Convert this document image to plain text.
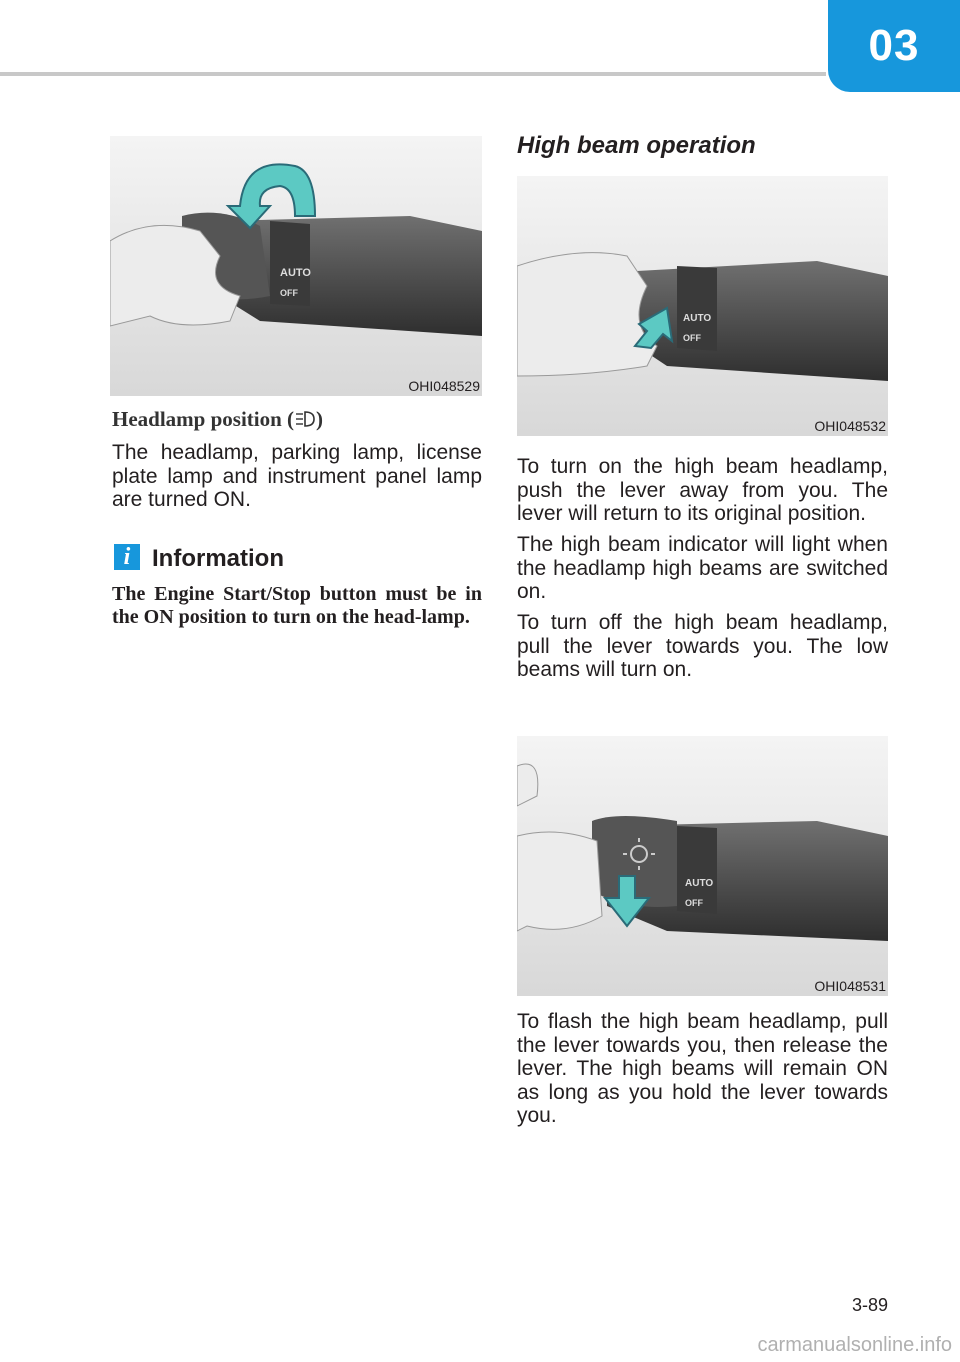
03
AUTO
OFF
OHI048529
Headlamp position ( )

The headlamp, parking lamp, license plate lamp and instrument panel lamp are turned ON.

i Information

The Engine Start/Stop button must be in the ON position to turn on the head-lamp.

High beam operation
AUTO
OFF
OHI048532

To turn on the high beam headlamp, push the lever away from you. The lever will return to its original position.

The high beam indicator will light when the headlamp high beams are switched on.

To turn off the high beam headlamp, pull the lever towards you. The low beams will turn on.

AUTO
OFF
OHI048531

To flash the high beam headlamp, pull the lever towards you, then release the lever. The high beams will remain ON as long as you hold the lever towards you.

3-89
carmanualsonline.info
